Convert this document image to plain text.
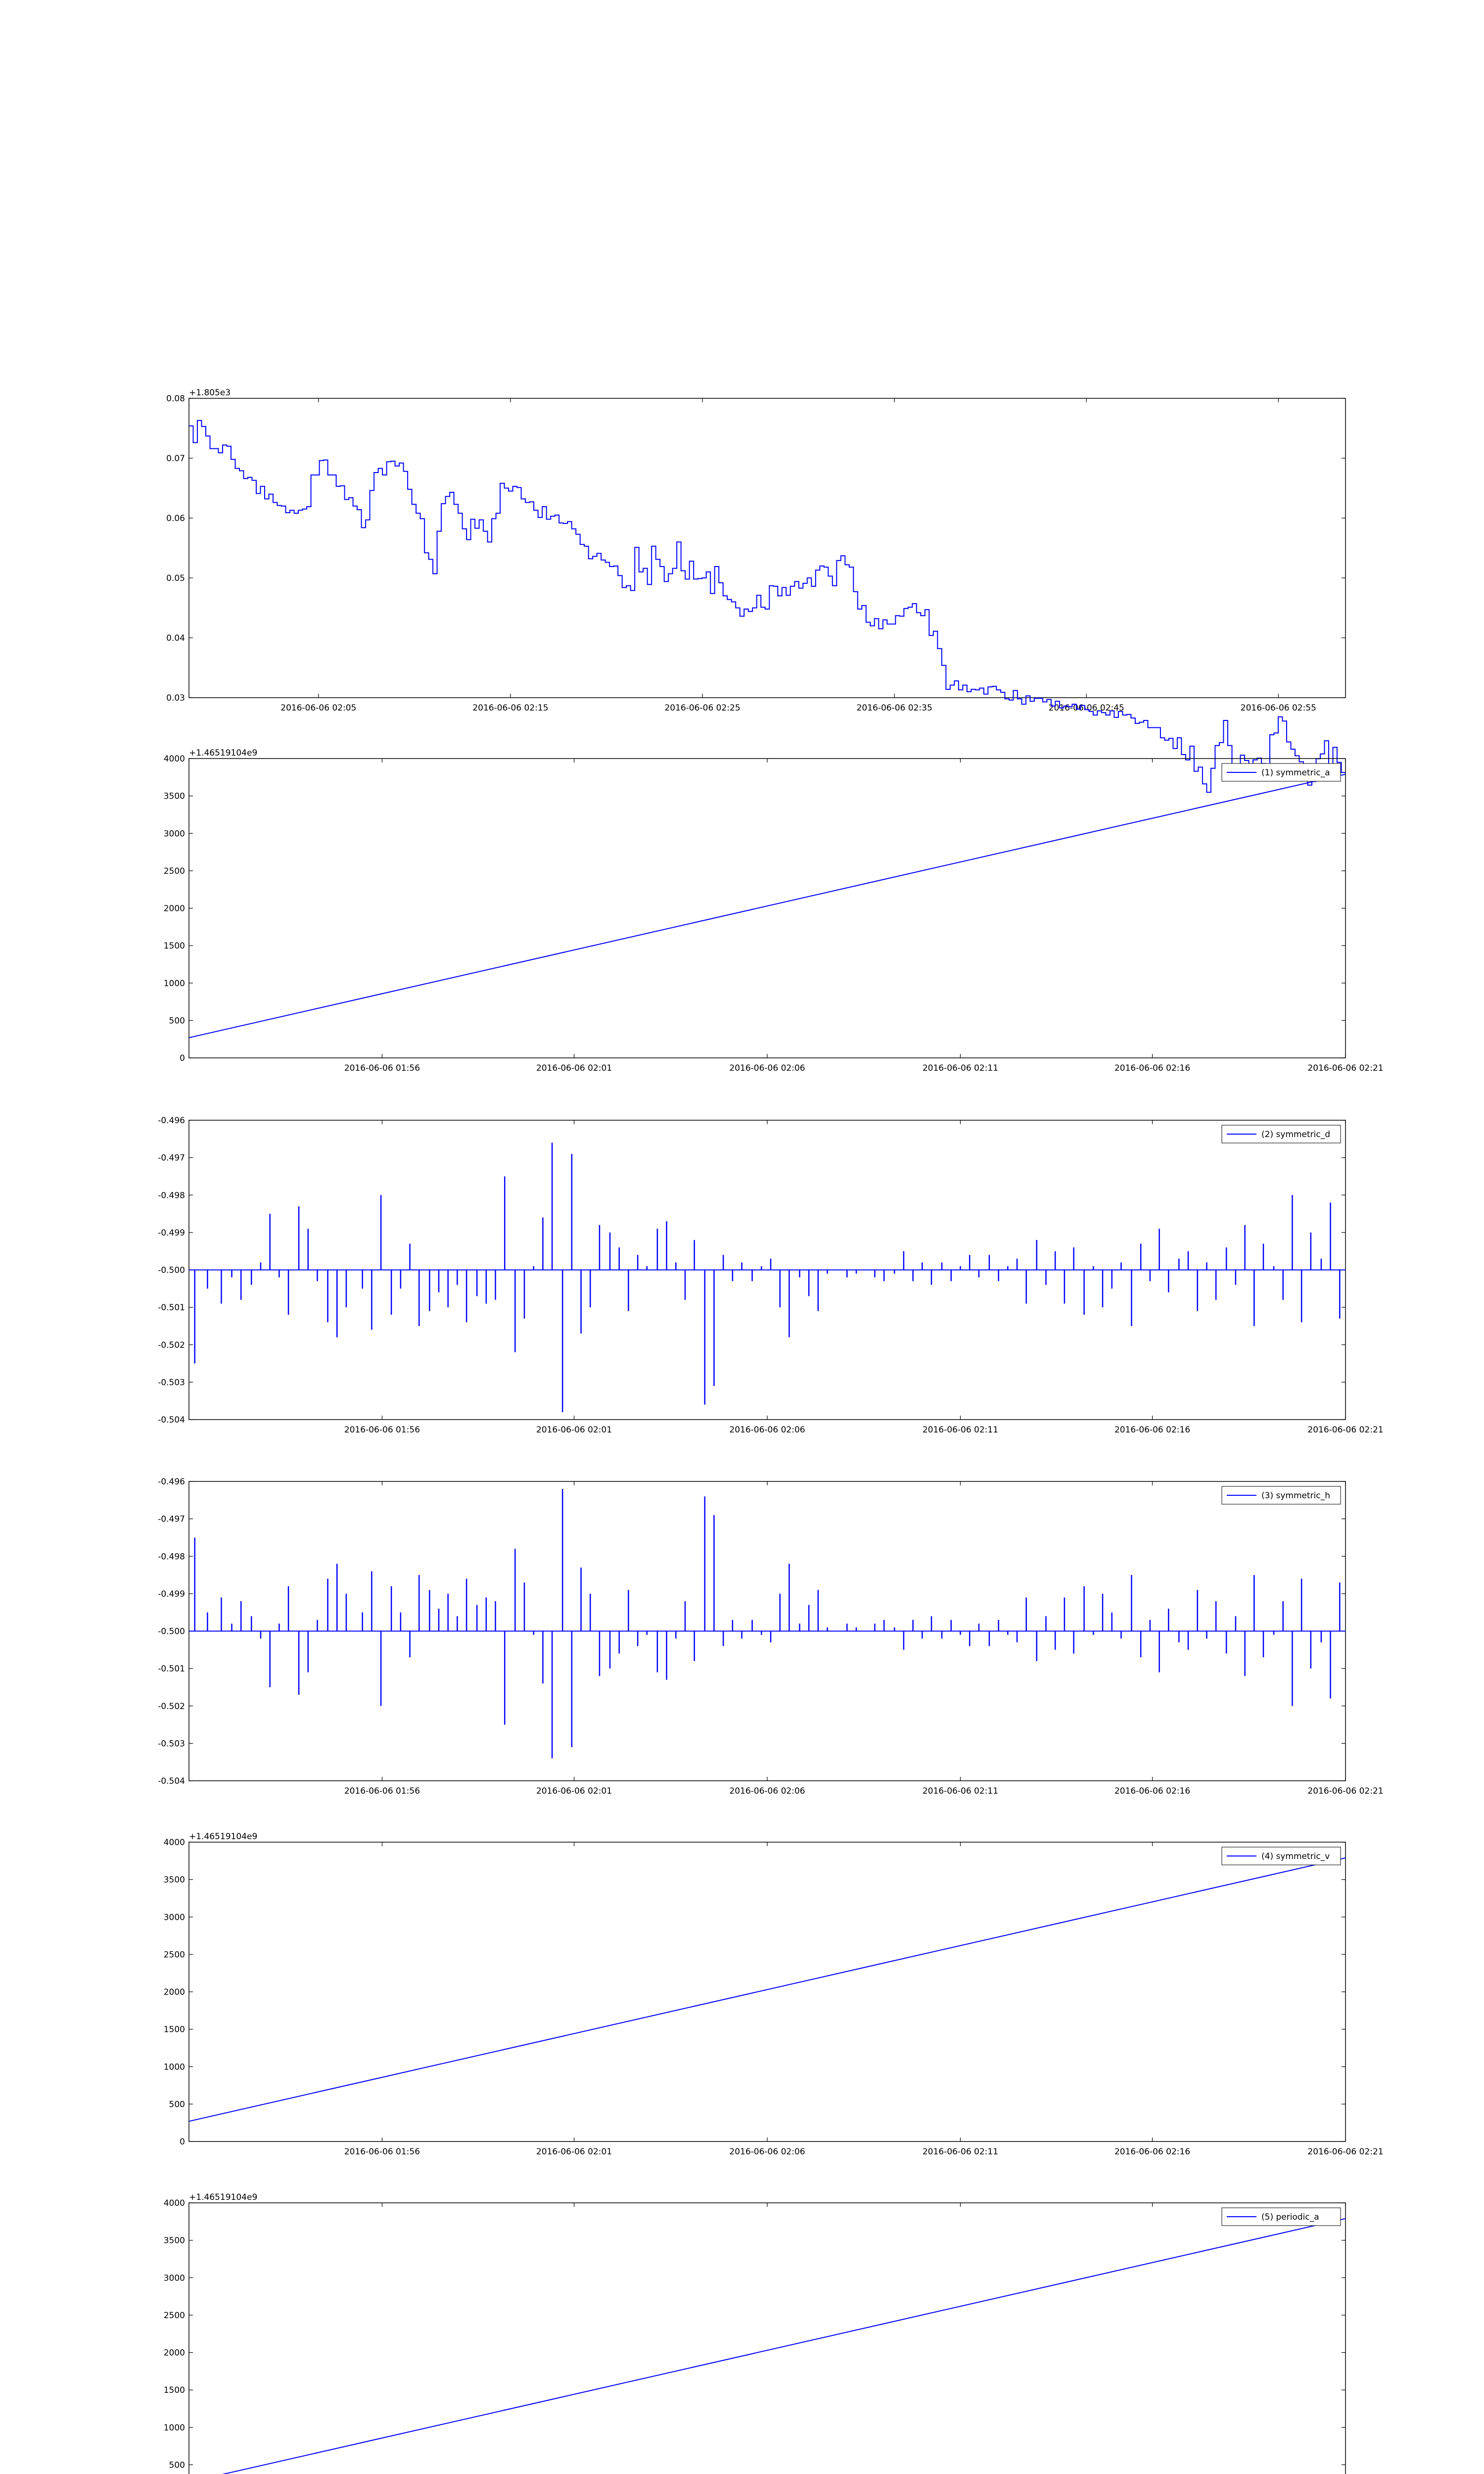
0.03
0.04
0.05
0.06
0.07
0.08
2016-06-06 02:05	2016-06-06 02:15	2016-06-06 02:25	2016-06-06 02:35	2016-06-06 02:45	2016-06-06 02:55
+1.805e3
0
500
1000
1500
2000
2500
3000
3500
4000
2016-06-06 01:56	2016-06-06 02:01	2016-06-06 02:06	2016-06-06 02:11	2016-06-06 02:16	2016-06-06 02:21
+1.46519104e9
(1) symmetric_a
-0.504
-0.503
-0.502
-0.501
-0.500
-0.499
-0.498
-0.497
-0.496
2016-06-06 01:56	2016-06-06 02:01	2016-06-06 02:06	2016-06-06 02:11	2016-06-06 02:16	2016-06-06 02:21
(2) symmetric_d
-0.504
-0.503
-0.502
-0.501
-0.500
-0.499
-0.498
-0.497
-0.496
2016-06-06 01:56	2016-06-06 02:01	2016-06-06 02:06	2016-06-06 02:11	2016-06-06 02:16	2016-06-06 02:21
(3) symmetric_h
0
500
1000
1500
2000
2500
3000
3500
4000
2016-06-06 01:56	2016-06-06 02:01	2016-06-06 02:06	2016-06-06 02:11	2016-06-06 02:16	2016-06-06 02:21
+1.46519104e9
(4) symmetric_v
500
1000
1500
2000
2500
3000
3500
4000
+1.46519104e9
(5) periodic_a
